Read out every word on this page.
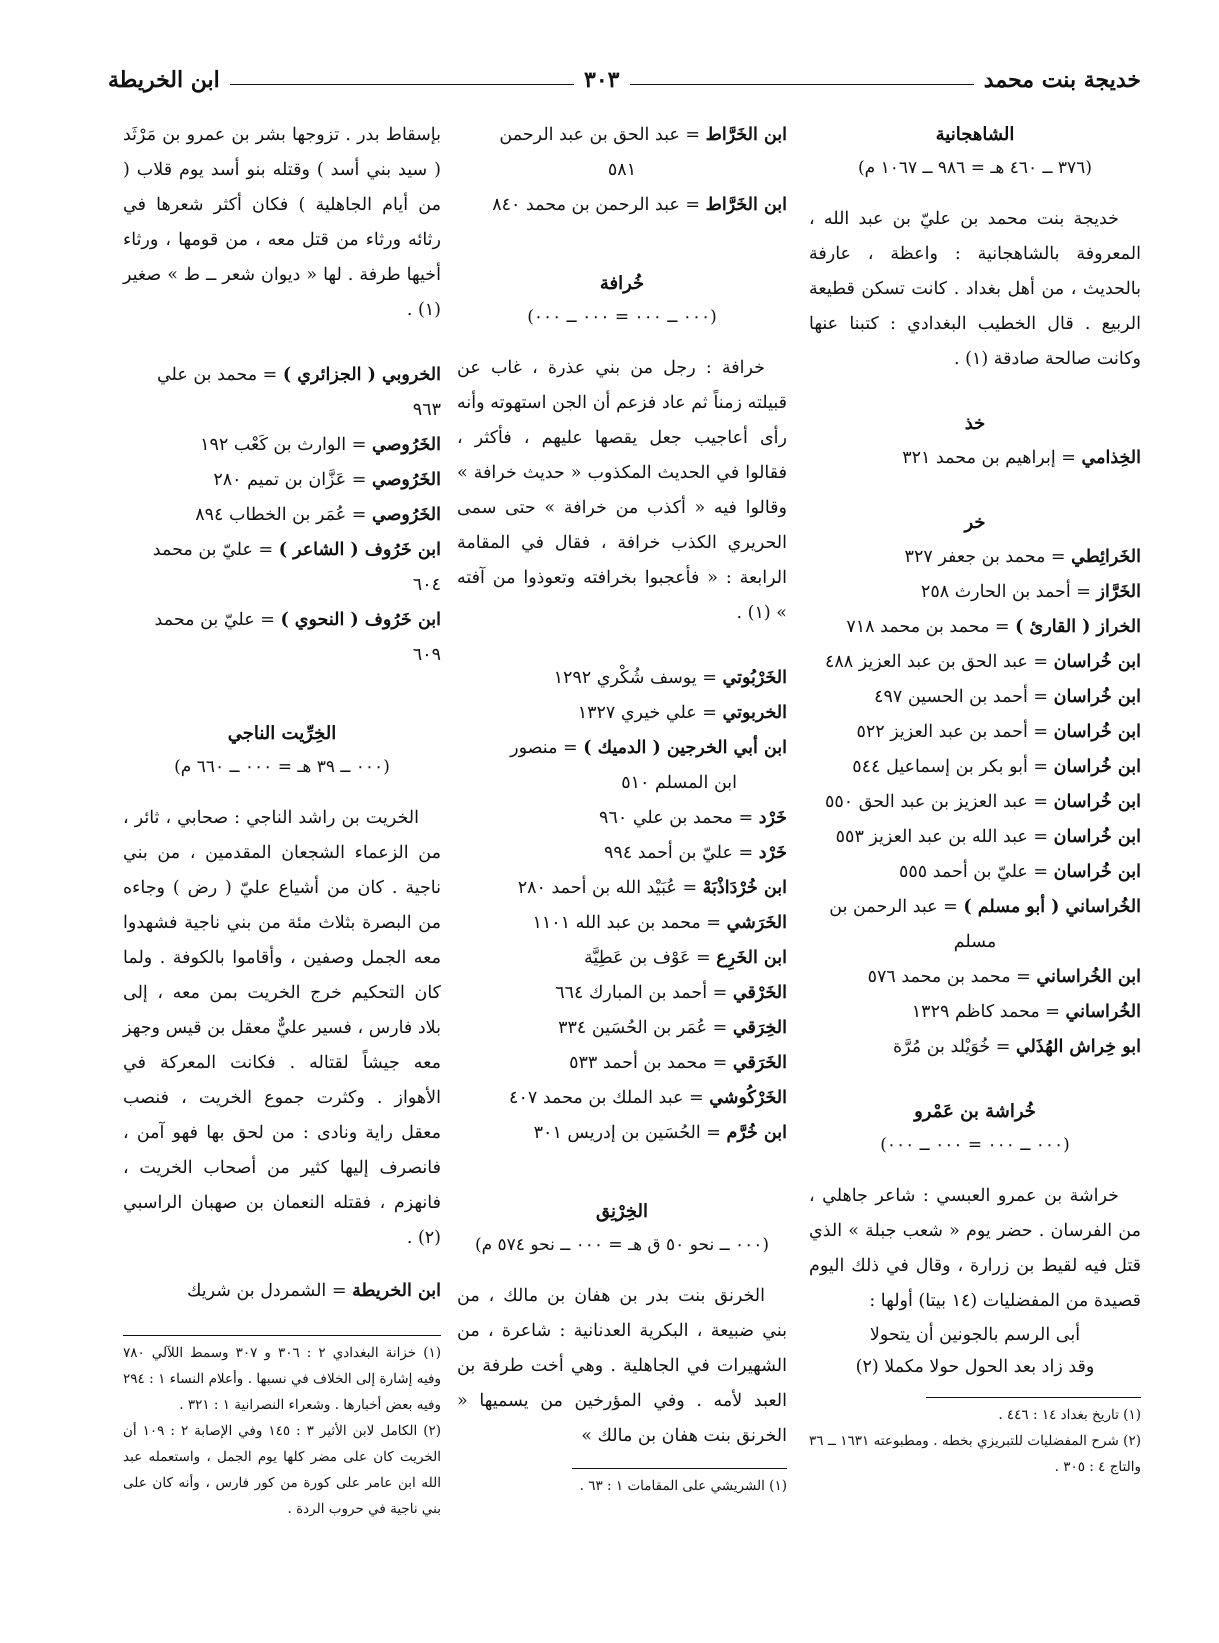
خديجة بنت محمد
٣٠٣
ابن الخريطة
الشاهجانية
(٣٧٦ ــ ٤٦٠ هـ = ٩٨٦ ــ ١٠٦٧ م)
خديجة بنت محمد بن عليّ بن عبد الله ، المعروفة بالشاهجانية : واعظة ، عارفة بالحديث ، من أهل بغداد . كانت تسكن قطيعة الربيع . قال الخطيب البغدادي : كتبنا عنها وكانت صالحة صادقة (١) .
خذ
الخِذامي = إبراهيم بن محمد ٣٢١
خر
الخَرائِطي = محمد بن جعفر ٣٢٧
الخَرَّاز = أحمد بن الحارث ٢٥٨
الخراز ( القارئ ) = محمد بن محمد ٧١٨
ابن خُراسان = عبد الحق بن عبد العزيز ٤٨٨
ابن خُراسان = أحمد بن الحسين ٤٩٧
ابن خُراسان = أحمد بن عبد العزيز ٥٢٢
ابن خُراسان = أبو بكر بن إسماعيل ٥٤٤
ابن خُراسان = عبد العزيز بن عبد الحق ٥٥٠
ابن خُراسان = عبد الله بن عبد العزيز ٥٥٣
ابن خُراسان = عليّ بن أحمد ٥٥٥
الخُراساني ( أبو مسلم ) = عبد الرحمن بن
مسلم
ابن الخُراساني = محمد بن محمد ٥٧٦
الخُراساني = محمد كاظم ١٣٢٩
ابو خِراش الهُذَلي = خُوَيْلد بن مُرَّة
خُراشة بن عَمْرو
(٠٠٠ ــ ٠٠٠ = ٠٠٠ ــ ٠٠٠)
خراشة بن عمرو العبسي : شاعر جاهلي ، من الفرسان . حضر يوم « شعب جبلة » الذي قتل فيه لقيط بن زرارة ، وقال في ذلك اليوم قصيدة من المفضليات (١٤ بيتا) أولها :
أبى الرسم بالجونين أن يتحولا
وقد زاد بعد الحول حولا مكملا (٢)
(١) تاريخ بغداد ١٤ : ٤٤٦ .
(٢) شرح المفضليات للتبريزي بخطه . ومطبوعته ١٦٣١ ــ ٣٦ والتاج ٤ : ٣٠٥ .
ابن الخَرَّاط = عبد الحق بن عبد الرحمن
٥٨١
ابن الخَرَّاط = عبد الرحمن بن محمد ٨٤٠
خُرافة
(٠٠٠ ــ ٠٠٠ = ٠٠٠ ــ ٠٠٠)
خرافة : رجل من بني عذرة ، غاب عن قبيلته زمناً ثم عاد فزعم أن الجن استهوته وأنه رأى أعاجيب جعل يقصها عليهم ، فأكثر ، فقالوا في الحديث المكذوب « حديث خرافة » وقالوا فيه « أكذب من خرافة » حتى سمى الحريري الكذب خرافة ، فقال في المقامة الرابعة : « فأعجبوا بخرافته وتعوذوا من آفته » (١) .
الخَرْبُوتي = يوسف شُكْري ١٢٩٢
الخربوتي = علي خيري ١٣٢٧
ابن أبي الخرجين ( الدميك ) = منصور
ابن المسلم ٥١٠
خَرْد = محمد بن علي ٩٦٠
خَرْد = عليّ بن أحمد ٩٩٤
ابن خُرْدَاذْبَهْ = عُبَيْد الله بن أحمد ٢٨٠
الخَرَشي = محمد بن عبد الله ١١٠١
ابن الخَرِع = عَوْف بن عَطِيَّة
الخَرْقي = أحمد بن المبارك ٦٦٤
الخِرَقي = عُمَر بن الحُسَين ٣٣٤
الخَرَقي = محمد بن أحمد ٥٣٣
الخَرْكُوشي = عبد الملك بن محمد ٤٠٧
ابن خُرَّم = الحُسَين بن إدريس ٣٠١
الخِرْنِق
(٠٠٠ ــ نحو ٥٠ ق هـ = ٠٠٠ ــ نحو ٥٧٤ م)
الخرنق بنت بدر بن هفان بن مالك ، من بني ضبيعة ، البكرية العدنانية : شاعرة ، من الشهيرات في الجاهلية . وهي أخت طرفة بن العبد لأمه . وفي المؤرخين من يسميها « الخرنق بنت هفان بن مالك »
(١) الشريشي على المقامات ١ : ٦٣ .
بإسقاط بدر . تزوجها بشر بن عمرو بن مَرْثَد ( سيد بني أسد ) وقتله بنو أسد يوم قلاب ( من أيام الجاهلية ) فكان أكثر شعرها في رثائه ورثاء من قتل معه ، من قومها ، ورثاء أخيها طرفة . لها « ديوان شعر ــ ط » صغير (١) .
الخروبي ( الجزائري ) = محمد بن علي
٩٦٣
الخَرُوصي = الوارث بن كَعْب ١٩٢
الخَرُوصي = عَزَّان بن تميم ٢٨٠
الخَرُوصي = عُمَر بن الخطاب ٨٩٤
ابن خَرُوف ( الشاعر ) = عليّ بن محمد
٦٠٤
ابن خَرُوف ( النحوي ) = عليّ بن محمد
٦٠٩
الخِرِّيت الناجي
(٠٠٠ ــ ٣٩ هـ = ٠٠٠ ــ ٦٦٠ م)
الخريت بن راشد الناجي : صحابي ، ثائر ، من الزعماء الشجعان المقدمين ، من بني ناجية . كان من أشياع عليّ ( رض ) وجاءه من البصرة بثلاث مئة من بني ناجية فشهدوا معه الجمل وصفين ، وأقاموا بالكوفة . ولما كان التحكيم خرج الخريت بمن معه ، إلى بلاد فارس ، فسير عليٌّ معقل بن قيس وجهز معه جيشاً لقتاله . فكانت المعركة في الأهواز . وكثرت جموع الخريت ، فنصب معقل راية ونادى : من لحق بها فهو آمن ، فانصرف إليها كثير من أصحاب الخريت ، فانهزم ، فقتله النعمان بن صهبان الراسبي (٢) .
ابن الخريطة = الشمردل بن شريك
(١) خزانة البغدادي ٢ : ٣٠٦ و ٣٠٧ وسمط اللآلي ٧٨٠ وفيه إشارة إلى الخلاف في نسبها . وأعلام النساء ١ : ٢٩٤ وفيه بعض أخبارها . وشعراء النصرانية ١ : ٣٢١ .
(٢) الكامل لابن الأثير ٣ : ١٤٥ وفي الإصابة ٢ : ١٠٩ أن الخريت كان على مضر كلها يوم الجمل ، واستعمله عبد الله ابن عامر على كورة من كور فارس ، وأنه كان على بني ناجية في حروب الردة .
